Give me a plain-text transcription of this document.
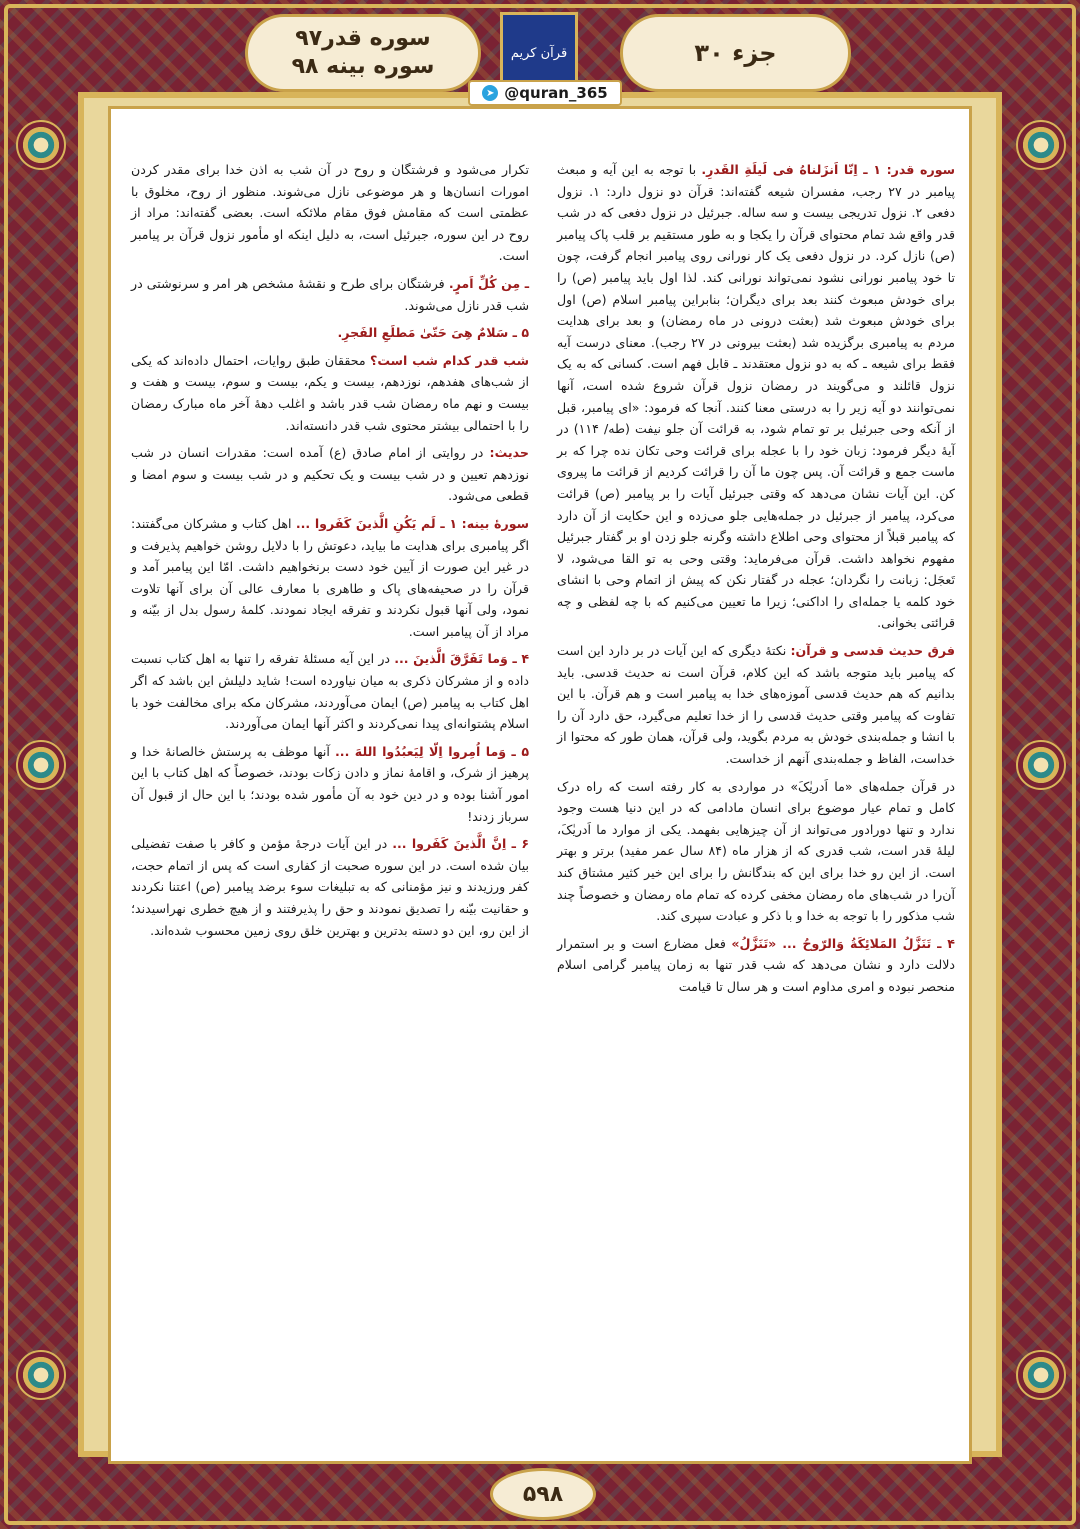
جزء ۳۰
قرآن کریم
سوره قدر۹۷
سوره بینه ۹۸
➤ @quran_365

سوره قدر: ۱ ـ اِنّا اَنزَلناهُ فی لَیلَةِ القَدرِ. با توجه به این آیه و مبعث پیامبر در ۲۷ رجب، مفسران شیعه گفته‌اند: قرآن دو نزول دارد: ۱. نزول دفعی ۲. نزول تدریجی بیست و سه ساله. جبرئیل در نزول دفعی که در شب قدر واقع شد تمام محتوای قرآن را یکجا و به طور مستقیم بر قلب پاک پیامبر (ص) نازل کرد. در نزول دفعی یک کار نورانی روی پیامبر انجام گرفت، چون تا خود پیامبر نورانی نشود نمی‌تواند نورانی کند. لذا اول باید پیامبر (ص) را برای خودش مبعوث کنند بعد برای دیگران؛ بنابراین پیامبر اسلام (ص) اول برای خودش مبعوث شد (بعثت درونی در ماه رمضان) و بعد برای هدایت مردم به پیامبری برگزیده شد (بعثت بیرونی در ۲۷ رجب). معنای درست آیه فقط برای شیعه ـ که به دو نزول معتقدند ـ قابل فهم است. کسانی که به یک نزول قائلند و می‌گویند در رمضان نزول قرآن شروع شده است، آنها نمی‌توانند دو آیه زیر را به درستی معنا کنند. آنجا که فرمود: «ای پیامبر، قبل از آنکه وحی جبرئیل بر تو تمام شود، به قرائت آن جلو نیفت (طه/ ۱۱۴) در آیهٔ دیگر فرمود: زبان خود را با عجله برای قرائت وحی تکان نده چرا که بر ماست جمع و قرائت آن. پس چون ما آن را قرائت کردیم از قرائت ما پیروی کن. این آیات نشان می‌دهد که وقتی جبرئیل آیات را بر پیامبر (ص) قرائت می‌کرد، پیامبر از جبرئیل در جمله‌هایی جلو می‌زده و این حکایت از آن دارد که پیامبر قبلاً از محتوای وحی اطلاع داشته وگرنه جلو زدن او بر گفتار جبرئیل مفهوم نخواهد داشت. قرآن می‌فرماید: وقتی وحی به تو القا می‌شود، لا تَعجَل: زبانت را نگردان؛ عجله در گفتار نکن که پیش از اتمام وحی با انشای خود کلمه یا جمله‌ای را اداکنی؛ زیرا ما تعیین می‌کنیم که با چه لفظی و چه قرائتی بخوانی.

فرق حدیث قدسی و قرآن: نکتهٔ دیگری که این آیات در بر دارد این است که پیامبر باید متوجه باشد که این کلام، قرآن است نه حدیث قدسی. باید بدانیم که هم حدیث قدسی آموزه‌های خدا به پیامبر است و هم قرآن. با این تفاوت که پیامبر وقتی حدیث قدسی را از خدا تعلیم می‌گیرد، حق دارد آن را با انشا و جمله‌بندی خودش به مردم بگوید، ولی قرآن، همان طور که محتوا از خداست، الفاظ و جمله‌بندی آنهم از خداست.

در قرآن جمله‌های «ما اَدریٰکَ» در مواردی به کار رفته است که راه درک کامل و تمام عیار موضوع برای انسان مادامی که در این دنیا هست وجود ندارد و تنها دورادور می‌تواند از آن چیزهایی بفهمد. یکی از موارد ما اَدریٰکَ، لیلهٔ قدر است، شب قدری که از هزار ماه (۸۴ سال عمر مفید) برتر و بهتر است. از این رو خدا برای این که بندگانش را برای این خیر کثیر مشتاق کند آن‌را در شب‌های ماه رمضان مخفی کرده که تمام ماه رمضان و خصوصاً چند شب مذکور را با توجه به خدا و با ذکر و عبادت سپری کند.

۴ ـ تَنَزَّلُ المَلائِکَةُ وَالرّوحُ ... «تَنَزَّلُ» فعل مضارع است و بر استمرار دلالت دارد و نشان می‌دهد که شب قدر تنها به زمان پیامبر گرامی اسلام منحصر نبوده و امری مداوم است و هر سال تا قیامت

تکرار می‌شود و فرشتگان و روح در آن شب به اذن خدا برای مقدر کردن امورات انسان‌ها و هر موضوعی نازل می‌شوند. منظور از روح، مخلوق با عظمتی است که مقامش فوق مقام ملائکه است. بعضی گفته‌اند: مراد از روح در این سوره، جبرئیل است، به دلیل اینکه او مأمور نزول قرآن بر پیامبر است.

ـ مِن کُلِّ اَمرٍ. فرشتگان برای طرح و نقشهٔ مشخص هر امر و سرنوشتی در شب قدر نازل می‌شوند.

۵ ـ سَلامٌ هِیَ حَتّیٰ مَطلَعِ الفَجرِ.

شب قدر کدام شب است؟ محققان طبق روایات، احتمال داده‌اند که یکی از شب‌های هفدهم، نوزدهم، بیست و یکم، بیست و سوم، بیست و هفت و بیست و نهم ماه رمضان شب قدر باشد و اغلب دههٔ آخر ماه مبارک رمضان را با احتمالی بیشتر محتوی شب قدر دانسته‌اند.

حدیث: در روایتی از امام صادق (ع) آمده است: مقدرات انسان در شب نوزدهم تعیین و در شب بیست و یک تحکیم و در شب بیست و سوم امضا و قطعی می‌شود.

سورهٔ بینه: ۱ ـ لَم یَکُنِ الَّذینَ کَفَروا ... اهل کتاب و مشرکان می‌گفتند: اگر پیامبری برای هدایت ما بیاید، دعوتش را با دلایل روشن خواهیم پذیرفت و در غیر این صورت از آیین خود دست برنخواهیم داشت. امّا این پیامبر آمد و قرآن را در صحیفه‌های پاک و طاهری با معارف عالی آن برای آنها تلاوت نمود، ولی آنها قبول نکردند و تفرقه ایجاد نمودند. کلمهٔ رسول بدل از بیّنه و مراد از آن پیامبر است.

۴ ـ وَما تَفَرَّقَ الَّذینَ ... در این آیه مسئلهٔ تفرقه را تنها به اهل کتاب نسبت داده و از مشرکان ذکری به میان نیاورده است! شاید دلیلش این باشد که اگر اهل کتاب به پیامبر (ص) ایمان می‌آوردند، مشرکان مکه برای مخالفت خود با اسلام پشتوانه‌ای پیدا نمی‌کردند و اکثر آنها ایمان می‌آوردند.

۵ ـ وَما اُمِروا اِلّا لِیَعبُدُوا اللهَ ... آنها موظف به پرستش خالصانهٔ خدا و پرهیز از شرک، و اقامهٔ نماز و دادن زکات بودند، خصوصاً که اهل کتاب با این امور آشنا بوده و در دین خود به آن مأمور شده بودند؛ با این حال از قبول آن سرباز زدند!

۶ ـ اِنَّ الَّذینَ کَفَروا ... در این آیات درجهٔ مؤمن و کافر با صفت تفضیلی بیان شده است. در این سوره صحبت از کفاری است که پس از اتمام حجت، کفر ورزیدند و نیز مؤمنانی که به تبلیغات سوء برضد پیامبر (ص) اعتنا نکردند و حقانیت بیّنه را تصدیق نمودند و حق را پذیرفتند و از هیچ خطری نهراسیدند؛ از این رو، این دو دسته بدترین و بهترین خلق روی زمین محسوب شده‌اند.

۵۹۸
